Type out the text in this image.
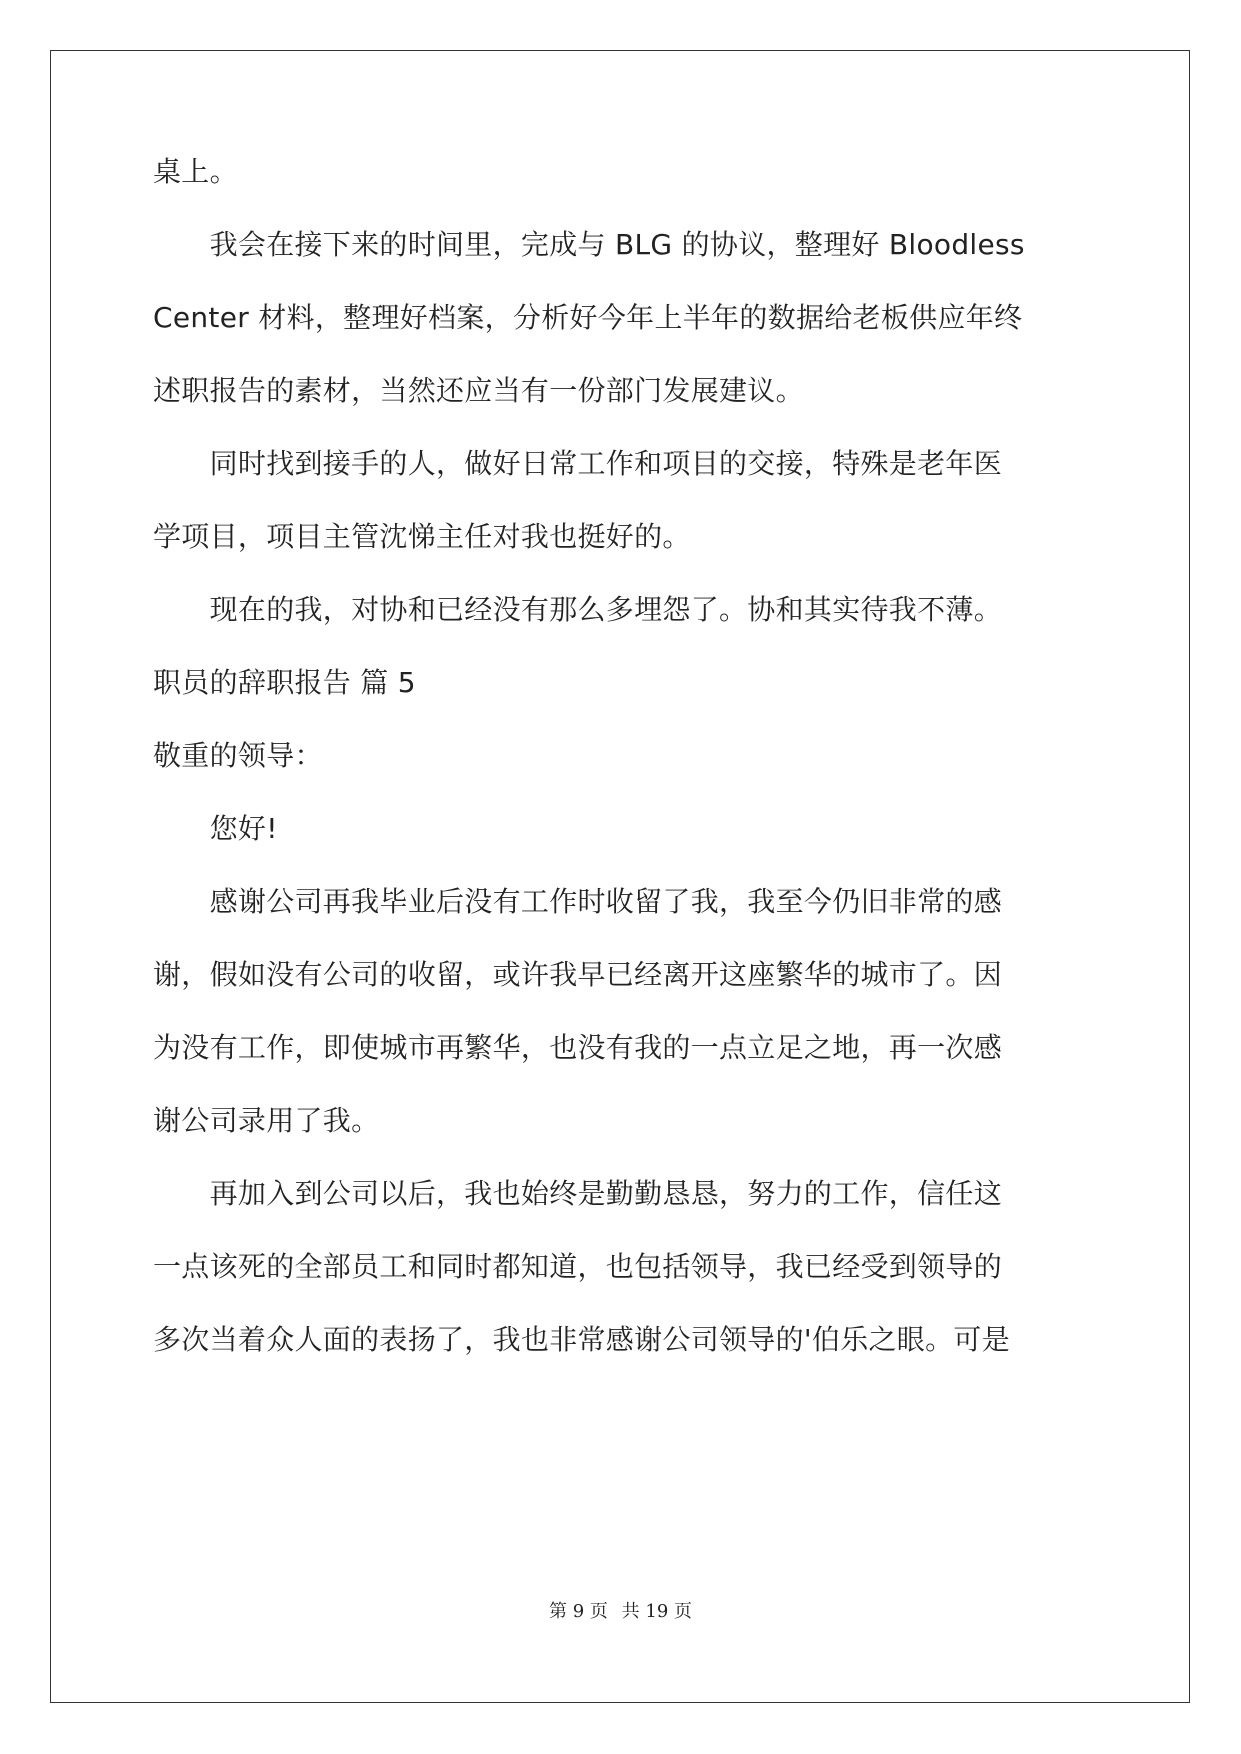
桌上。
　　我会在接下来的时间里，完成与 BLG 的协议，整理好 Bloodless
Center 材料，整理好档案，分析好今年上半年的数据给老板供应年终
述职报告的素材，当然还应当有一份部门发展建议。
　　同时找到接手的人，做好日常工作和项目的交接，特殊是老年医
学项目，项目主管沈悌主任对我也挺好的。
　　现在的我，对协和已经没有那么多埋怨了。协和其实待我不薄。
职员的辞职报告 篇 5
敬重的领导：
　　您好!
　　感谢公司再我毕业后没有工作时收留了我，我至今仍旧非常的感
谢，假如没有公司的收留，或许我早已经离开这座繁华的城市了。因
为没有工作，即使城市再繁华，也没有我的一点立足之地，再一次感
谢公司录用了我。
　　再加入到公司以后，我也始终是勤勤恳恳，努力的工作，信任这
一点该死的全部员工和同时都知道，也包括领导，我已经受到领导的
多次当着众人面的表扬了，我也非常感谢公司领导的'伯乐之眼。可是
第 9 页 共 19 页
